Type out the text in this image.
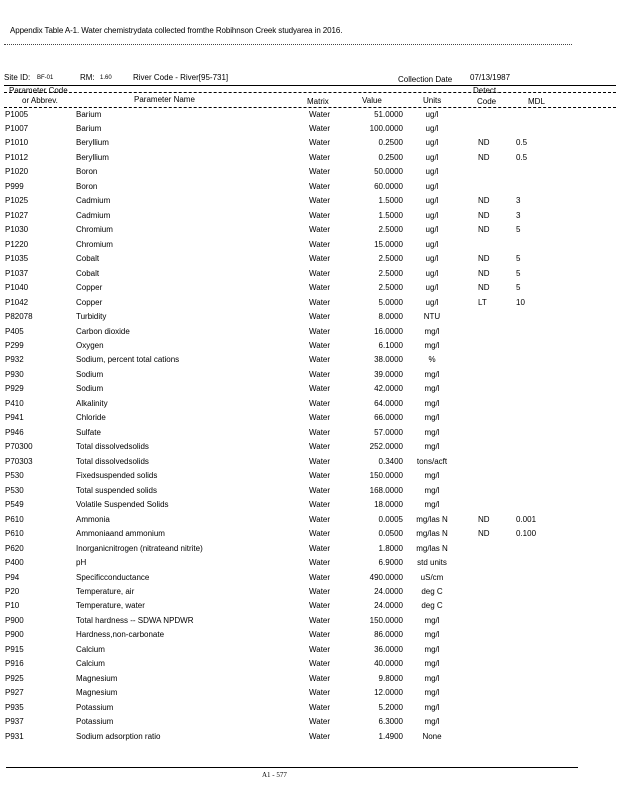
Appendix Table A-1. Water chemistrydata collected fromthe Robihnson Creek studyarea in 2016.
Site ID: BF-01	RM: 1.60	River Code - River[95-731]	Collection Date 07/13/1987
Parameter Code
or Abbrev.	Parameter Name	Matrix	Value	Units
Detect.
Code	MDL
P1005	Barium	Water	51.0000	ug/l
P1007	Barium	Water	100.0000	ug/l
P1010	Beryllium	Water	0.2500	ug/l	ND	0.5
P1012	Beryllium	Water	0.2500	ug/l	ND	0.5
P1020	Boron	Water	50.0000	ug/l
P999	Boron	Water	60.0000	ug/l
P1025	Cadmium	Water	1.5000	ug/l	ND	3
P1027	Cadmium	Water	1.5000	ug/l	ND	3
P1030	Chromium	Water	2.5000	ug/l	ND	5
P1220	Chromium	Water	15.0000	ug/l
P1035	Cobalt	Water	2.5000	ug/l	ND	5
P1037	Cobalt	Water	2.5000	ug/l	ND	5
P1040	Copper	Water	2.5000	ug/l	ND	5
P1042	Copper	Water	5.0000	ug/l	LT	10
P82078	Turbidity	Water	8.0000	NTU
P405	Carbon dioxide	Water	16.0000	mg/l
P299	Oxygen	Water	6.1000	mg/l
P932	Sodium, percent total cations	Water	38.0000	%
P930	Sodium	Water	39.0000	mg/l
P929	Sodium	Water	42.0000	mg/l
P410	Alkalinity	Water	64.0000	mg/l
P941	Chloride	Water	66.0000	mg/l
P946	Sulfate	Water	57.0000	mg/l
P70300	Total dissolvedsolids	Water	252.0000	mg/l
P70303	Total dissolvedsolids	Water	0.3400	tons/acft
P530	Fixedsuspended solids	Water	150.0000	mg/l
P530	Total suspended solids	Water	168.0000	mg/l
P549	Volatile Suspended Solids	Water	18.0000	mg/l
P610	Ammonia	Water	0.0005	mg/las N	ND	0.001
P610	Ammoniaand ammonium	Water	0.0500	mg/las N	ND	0.100
P620	Inorganicnitrogen (nitrateand nitrite)	Water	1.8000	mg/las N
P400	pH	Water	6.9000	std units
P94	Specificconductance	Water	490.0000	uS/cm
P20	Temperature, air	Water	24.0000	deg C
P10	Temperature, water	Water	24.0000	deg C
P900	Total hardness -- SDWA NPDWR	Water	150.0000	mg/l
P900	Hardness,non-carbonate	Water	86.0000	mg/l
P915	Calcium	Water	36.0000	mg/l
P916	Calcium	Water	40.0000	mg/l
P925	Magnesium	Water	9.8000	mg/l
P927	Magnesium	Water	12.0000	mg/l
P935	Potassium	Water	5.2000	mg/l
P937	Potassium	Water	6.3000	mg/l
P931	Sodium adsorption ratio	Water	1.4900	None
A1 - 577
